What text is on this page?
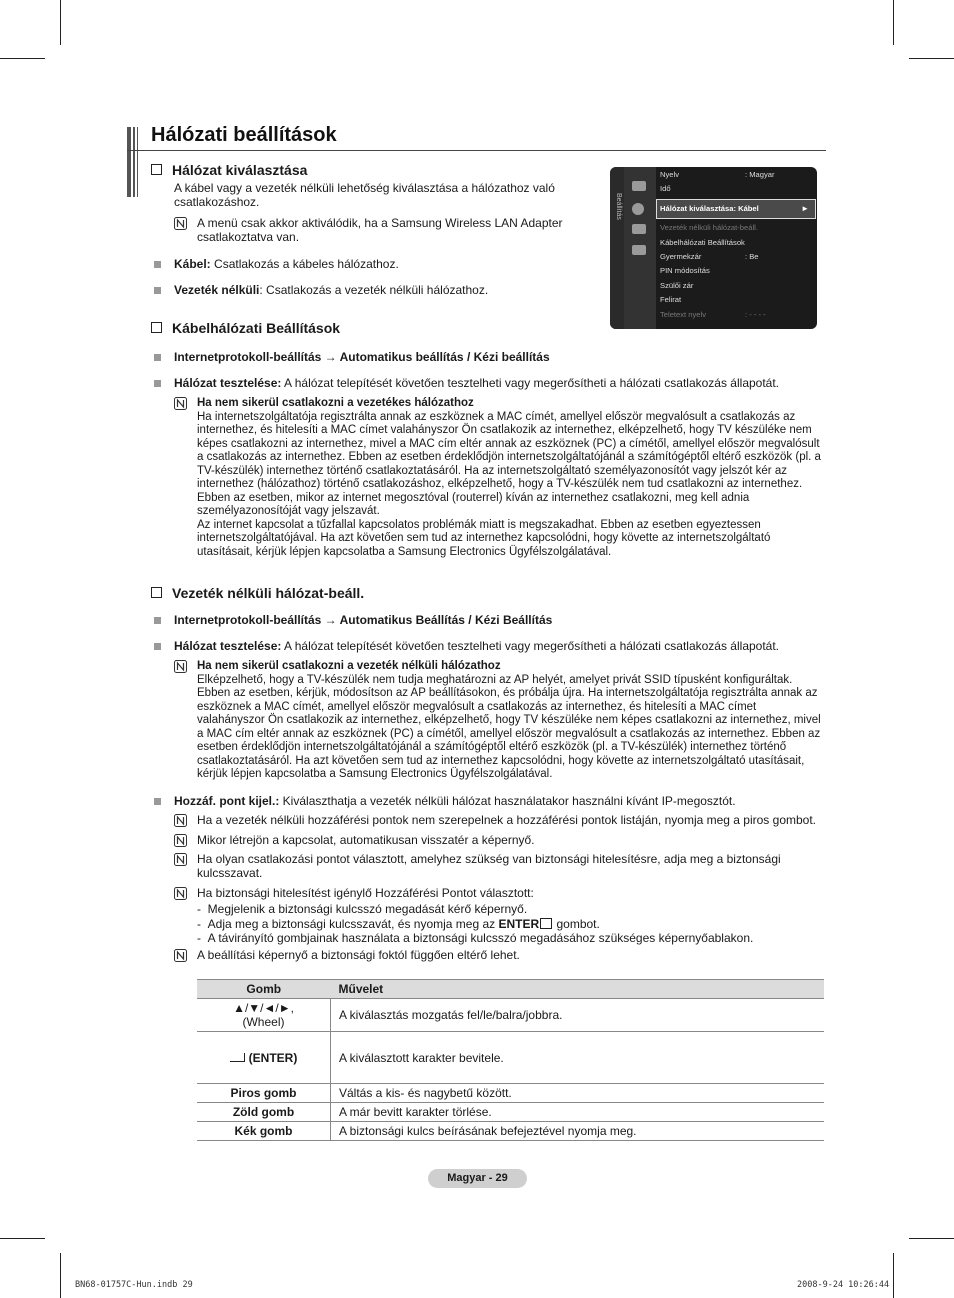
Hálózati beállítások
Hálózat kiválasztása
A kábel vagy a vezeték nélküli lehetőség kiválasztása a hálózathoz való csatlakozáshoz.
A menü csak akkor aktiválódik, ha a Samsung Wireless LAN Adapter csatlakoztatva van.
Kábel: Csatlakozás a kábeles hálózathoz.
Vezeték nélküli: Csatlakozás a vezeték nélküli hálózathoz.
Beállítás
Nyelv	: Magyar
Idő
Hálózat kiválasztása: Kábel	►
Vezeték nélküli hálózat-beáll.
Kábelhálózati Beállítások
Gyermekzár	: Be
PIN módosítás
Szülői zár
Felirat
Teletext nyelv	: - - - -
Kábelhálózati Beállítások
Internetprotokoll-beállítás → Automatikus beállítás / Kézi beállítás
Hálózat tesztelése: A hálózat telepítését követően tesztelheti vagy megerősítheti a hálózati csatlakozás állapotát.
Ha nem sikerül csatlakozni a vezetékes hálózathoz
Ha internetszolgáltatója regisztrálta annak az eszköznek a MAC címét, amellyel először megvalósult a csatlakozás az internethez, és hitelesíti a MAC címet valahányszor Ön csatlakozik az internethez, elképzelhető, hogy TV készüléke nem képes csatlakozni az internethez, mivel a MAC cím eltér annak az eszköznek (PC) a címétől, amellyel először megvalósult a csatlakozás az internethez. Ebben az esetben érdeklődjön internetszolgáltatójánál a számítógéptől eltérő eszközök (pl. a TV-készülék) internethez történő csatlakoztatásáról. Ha az internetszolgáltató személyazonosítót vagy jelszót kér az internethez (hálózathoz) történő csatlakozáshoz, elképzelhető, hogy a TV-készülék nem tud csatlakozni az internethez. Ebben az esetben, mikor az internet megosztóval (routerrel) kíván az internethez csatlakozni, meg kell adnia személyazonosítóját vagy jelszavát.
Az internet kapcsolat a tűzfallal kapcsolatos problémák miatt is megszakadhat. Ebben az esetben egyeztessen internetszolgáltatójával. Ha azt követően sem tud az internethez kapcsolódni, hogy követte az internetszolgáltató utasításait, kérjük lépjen kapcsolatba a Samsung Electronics Ügyfélszolgálatával.
Vezeték nélküli hálózat-beáll.
Internetprotokoll-beállítás → Automatikus Beállítás / Kézi Beállítás
Hálózat tesztelése: A hálózat telepítését követően tesztelheti vagy megerősítheti a hálózati csatlakozás állapotát.
Ha nem sikerül csatlakozni a vezeték nélküli hálózathoz
Elképzelhető, hogy a TV-készülék nem tudja meghatározni az AP helyét, amelyet privát SSID típusként konfiguráltak. Ebben az esetben, kérjük, módosítson az AP beállításokon, és próbálja újra. Ha internetszolgáltatója regisztrálta annak az eszköznek a MAC címét, amellyel először megvalósult a csatlakozás az internethez, és hitelesíti a MAC címet valahányszor Ön csatlakozik az internethez, elképzelhető, hogy TV készüléke nem képes csatlakozni az internethez, mivel a MAC cím eltér annak az eszköznek (PC) a címétől, amellyel először megvalósult a csatlakozás az internethez. Ebben az esetben érdeklődjön internetszolgáltatójánál a számítógéptől eltérő eszközök (pl. a TV-készülék) internethez történő csatlakoztatásáról. Ha azt követően sem tud az internethez kapcsolódni, hogy követte az internetszolgáltató utasításait, kérjük lépjen kapcsolatba a Samsung Electronics Ügyfélszolgálatával.
Hozzáf. pont kijel.: Kiválaszthatja a vezeték nélküli hálózat használatakor használni kívánt IP-megosztót.
Ha a vezeték nélküli hozzáférési pontok nem szerepelnek a hozzáférési pontok listáján, nyomja meg a piros gombot.
Mikor létrejön a kapcsolat, automatikusan visszatér a képernyő.
Ha olyan csatlakozási pontot választott, amelyhez szükség van biztonsági hitelesítésre, adja meg a biztonsági kulcsszavat.
Ha biztonsági hitelesítést igénylő Hozzáférési Pontot választott:
-  Megjelenik a biztonsági kulcsszó megadását kérő képernyő.
-  Adja meg a biztonsági kulcsszavát, és nyomja meg az ENTER gombot.
-  A távirányító gombjainak használata a biztonsági kulcsszó megadásához szükséges képernyőablakon.
A beállítási képernyő a biztonsági foktól függően eltérő lehet.
Gomb	Művelet
▲/▼/◄/►,
(Wheel)	A kiválasztás mozgatás fel/le/balra/jobbra.
(ENTER)	A kiválasztott karakter bevitele.
Piros gomb	Váltás a kis- és nagybetű között.
Zöld gomb	A már bevitt karakter törlése.
Kék gomb	A biztonsági kulcs beírásának befejeztével nyomja meg.
Magyar - 29
BN68-01757C-Hun.indb 29	2008-9-24 10:26:44
